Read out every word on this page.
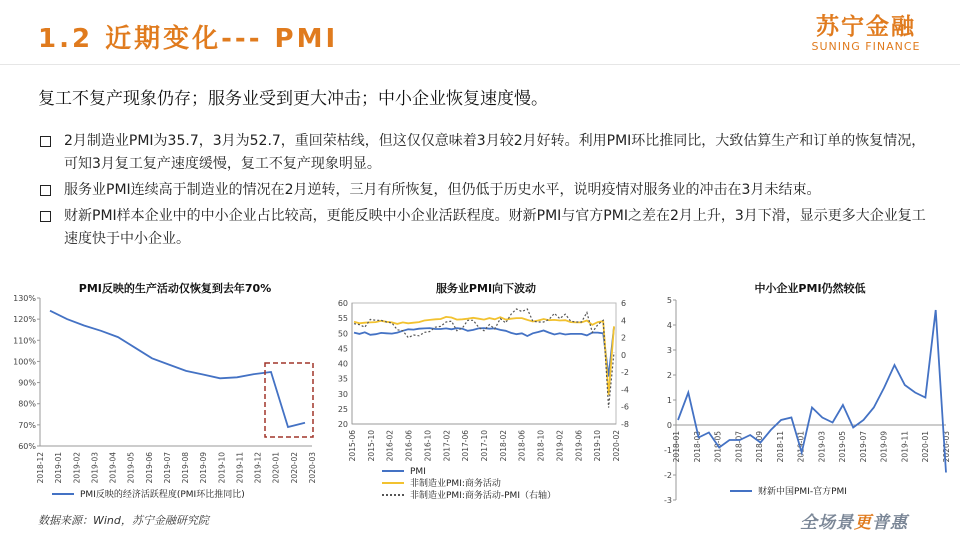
1.2 近期变化--- PMI	苏宁金融
SUNING FINANCE
复工不复产现象仍存；服务业受到更大冲击；中小企业恢复速度慢。
2月制造业PMI为35.7，3月为52.7，重回荣枯线，但这仅仅意味着3月较2月好转。利用PMI环比推同比，大致估算生产和订单的恢复情况，可知3月复工复产速度缓慢，复工不复产现象明显。
服务业PMI连续高于制造业的情况在2月逆转，三月有所恢复，但仍低于历史水平，说明疫情对服务业的冲击在3月未结束。
财新PMI样本企业中的中小企业占比较高，更能反映中小企业活跃程度。财新PMI与官方PMI之差在2月上升，3月下滑，显示更多大企业复工速度快于中小企业。
PMI反映的生产活动仅恢复到去年70%
60%
70%
80%
90%
100%
110%
120%
130%
2018-12 2019-01 2019-02 2019-03 2019-04 2019-05 2019-06 2019-07 2019-08 2019-09 2019-10 2019-11 2019-12 2020-01 2020-02 2020-03
PMI反映的经济活跃程度(PMI环比推同比)
服务业PMI向下波动
20
25
30
35
40
45
50
55
60
-8
-6
-4
-2
0
2
4
6
2015-06 2015-10 2016-02 2016-06 2016-10 2017-02 2017-06 2017-10 2018-02 2018-06 2018-10 2019-02 2019-06 2019-10 2020-02
PMI
非制造业PMI:商务活动
非制造业PMI:商务活动-PMI（右轴）
中小企业PMI仍然较低
-3
-2
-1
0
1
2
3
4
5
2018-01 2018-03 2018-05 2018-07 2018-09 2018-11 2019-01 2019-03 2019-05 2019-07 2019-09 2019-11 2020-01 2020-03
财新中国PMI-官方PMI
数据来源：Wind，苏宁金融研究院	全场景更普惠
